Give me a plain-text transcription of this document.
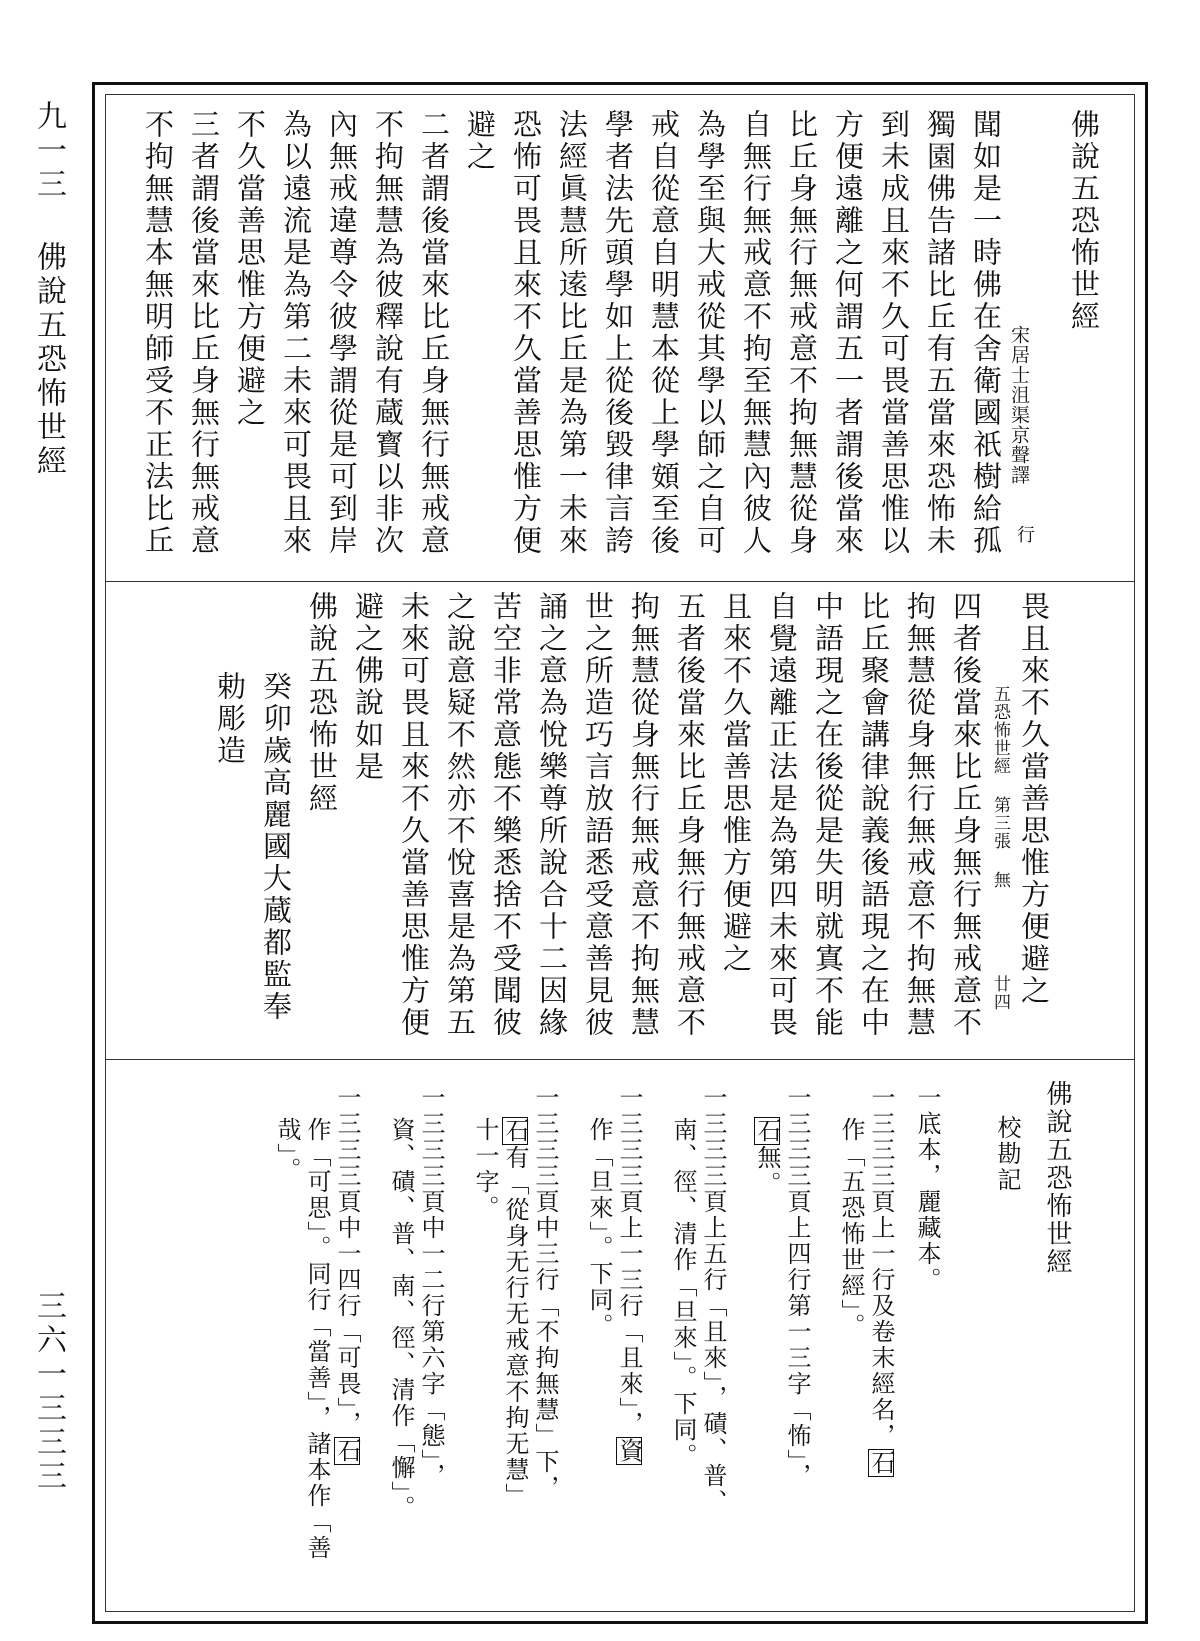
九一三 佛說五恐怖世經
三六一三三三
佛說五恐怖世經
宋居士沮渠京聲譯
行
聞如是一時佛在舍衛國祇樹給孤
獨園佛告諸比丘有五當來恐怖未
到未成且來不久可畏當善思惟以
方便遠離之何謂五一者謂後當來
比丘身無行無戒意不拘無慧從身
自無行無戒意不拘至無慧內彼人
為學至與大戒從其學以師之自可
戒自從意自明慧本從上學頞至後
學者法先頭學如上從後毀律言誇
法經眞慧所逺比丘是為第一未來
恐怖可畏且來不久當善思惟方便
避之
二者謂後當來比丘身無行無戒意
不拘無慧為彼釋說有蔵寳以非次
內無戒違尊令彼學謂從是可到岸
為以遠流是為第二未來可畏且來
不久當善思惟方便避之
三者謂後當來比丘身無行無戒意
不拘無慧本無明師受不正法比丘
畏且來不久當善思惟方便避之
五恐怖世經 第三張 無
廿四
四者後當來比丘身無行無戒意不
拘無慧從身無行無戒意不拘無慧
比丘聚會講律說義後語現之在中
中語現之在後從是失明就寘不能
自覺遠離正法是為第四未來可畏
且來不久當善思惟方便避之
五者後當來比丘身無行無戒意不
拘無慧從身無行無戒意不拘無慧
世之所造巧言放語悉受意善見彼
誦之意為悅樂尊所說合十二因緣
苦空非常意態不樂悉捨不受聞彼
之說意疑不然亦不悅喜是為第五
未來可畏且來不久當善思惟方便
避之佛說如是
佛說五恐怖世經
癸卯歲高麗國大蔵都監奉
勅彫造
佛說五恐怖世經
校勘記
一底本，麗藏本。
一三三三頁上一行及卷末經名，石
作「五恐怖世經」。
一三三三頁上四行第一三字「怖」，
石無。
一三三三頁上五行「且來」，磧、普、
南、徑、清作「旦來」。下同。
一三三三頁上一三行「且來」，資
作「旦來」。下同。
一三三三頁中三行「不拘無慧」下，
石有「從身无行无戒意不拘无慧」
十一字。
一三三三頁中一二行第六字「態」，
資、磧、普、南、徑、清作「懈」。
一三三三頁中一四行「可畏」，石
作「可思」。同行「當善」，諸本作「善
哉」。
